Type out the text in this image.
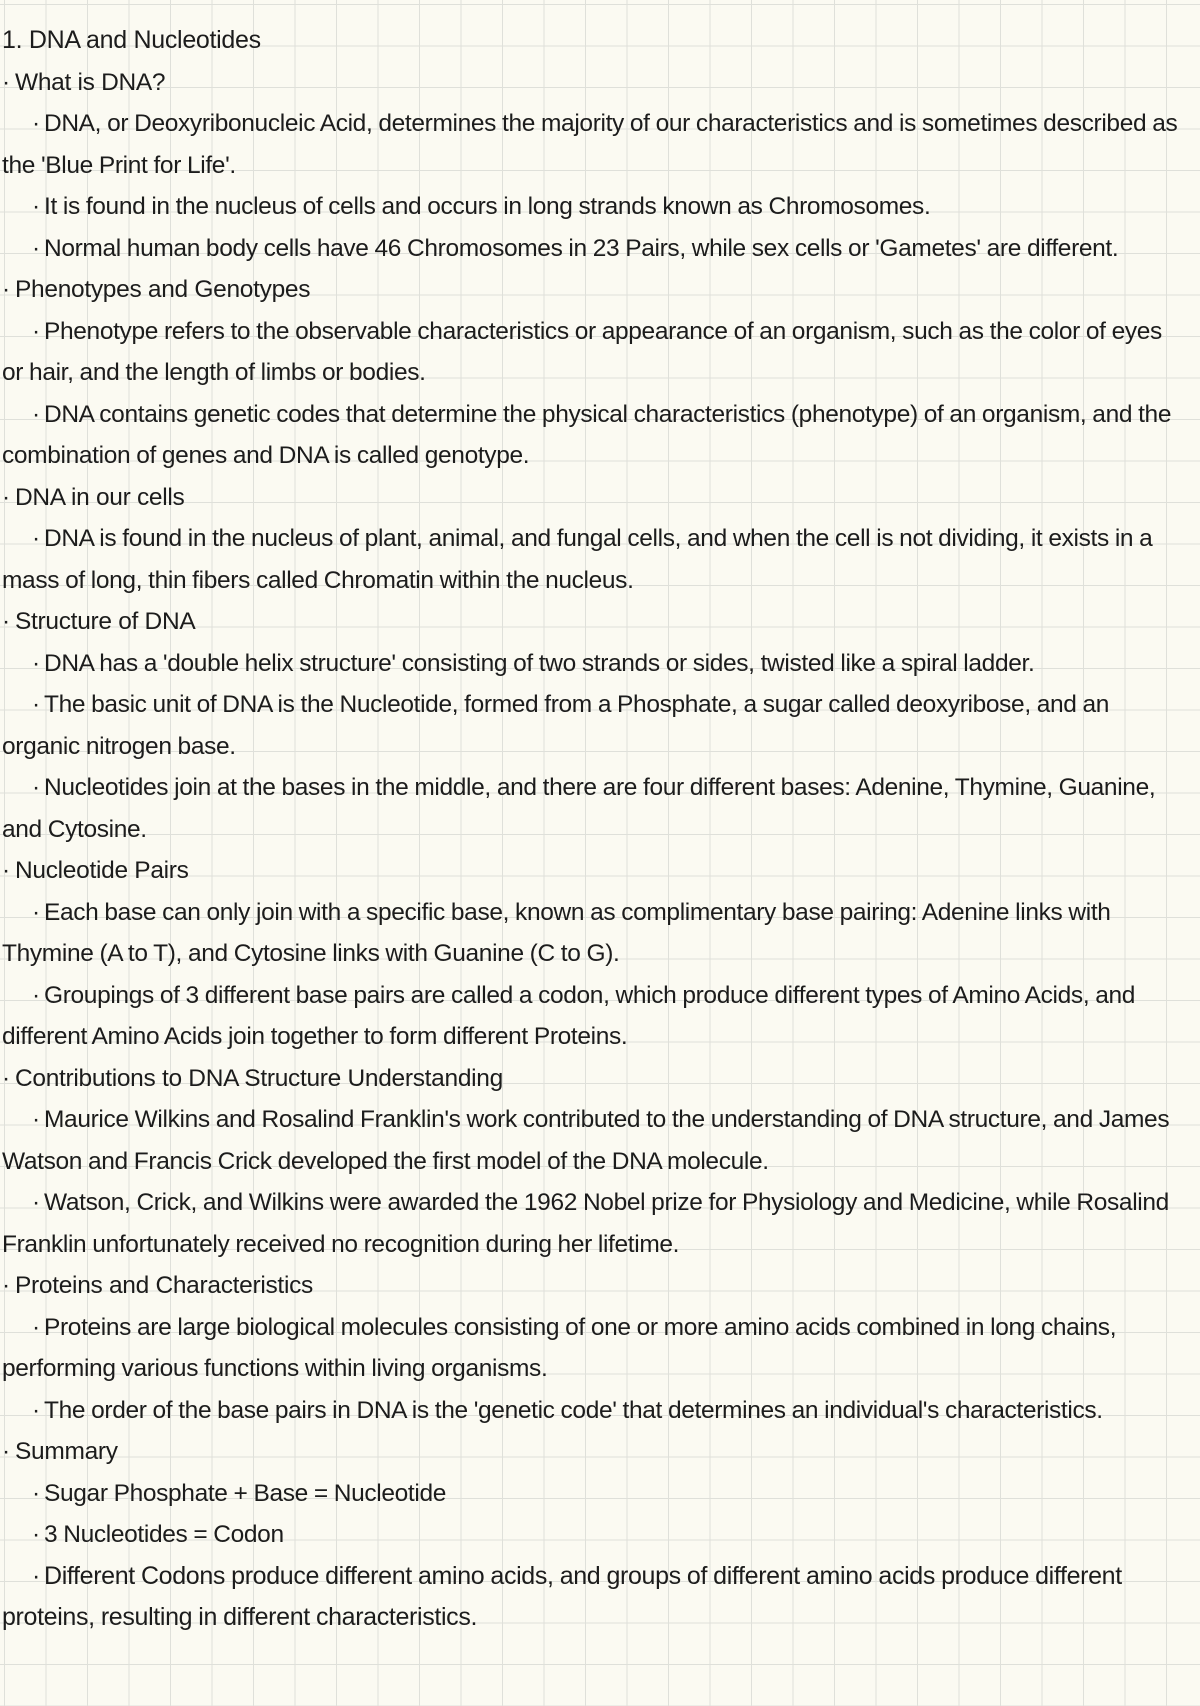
1. DNA and Nucleotides

· What is DNA?

· DNA, or Deoxyribonucleic Acid, determines the majority of our characteristics and is sometimes described as the 'Blue Print for Life'.

· It is found in the nucleus of cells and occurs in long strands known as Chromosomes.

· Normal human body cells have 46 Chromosomes in 23 Pairs, while sex cells or 'Gametes' are different.

· Phenotypes and Genotypes

· Phenotype refers to the observable characteristics or appearance of an organism, such as the color of eyes or hair, and the length of limbs or bodies.

· DNA contains genetic codes that determine the physical characteristics (phenotype) of an organism, and the combination of genes and DNA is called genotype.

· DNA in our cells

· DNA is found in the nucleus of plant, animal, and fungal cells, and when the cell is not dividing, it exists in a mass of long, thin fibers called Chromatin within the nucleus.

· Structure of DNA

· DNA has a 'double helix structure' consisting of two strands or sides, twisted like a spiral ladder.

· The basic unit of DNA is the Nucleotide, formed from a Phosphate, a sugar called deoxyribose, and an organic nitrogen base.

· Nucleotides join at the bases in the middle, and there are four different bases: Adenine, Thymine, Guanine, and Cytosine.

· Nucleotide Pairs

· Each base can only join with a specific base, known as complimentary base pairing: Adenine links with Thymine (A to T), and Cytosine links with Guanine (C to G).

· Groupings of 3 different base pairs are called a codon, which produce different types of Amino Acids, and different Amino Acids join together to form different Proteins.

· Contributions to DNA Structure Understanding

· Maurice Wilkins and Rosalind Franklin's work contributed to the understanding of DNA structure, and James Watson and Francis Crick developed the first model of the DNA molecule.

· Watson, Crick, and Wilkins were awarded the 1962 Nobel prize for Physiology and Medicine, while Rosalind Franklin unfortunately received no recognition during her lifetime.

· Proteins and Characteristics

· Proteins are large biological molecules consisting of one or more amino acids combined in long chains, performing various functions within living organisms.

· The order of the base pairs in DNA is the 'genetic code' that determines an individual's characteristics.

· Summary

· Sugar Phosphate + Base = Nucleotide

· 3 Nucleotides = Codon

· Different Codons produce different amino acids, and groups of different amino acids produce different proteins, resulting in different characteristics.
